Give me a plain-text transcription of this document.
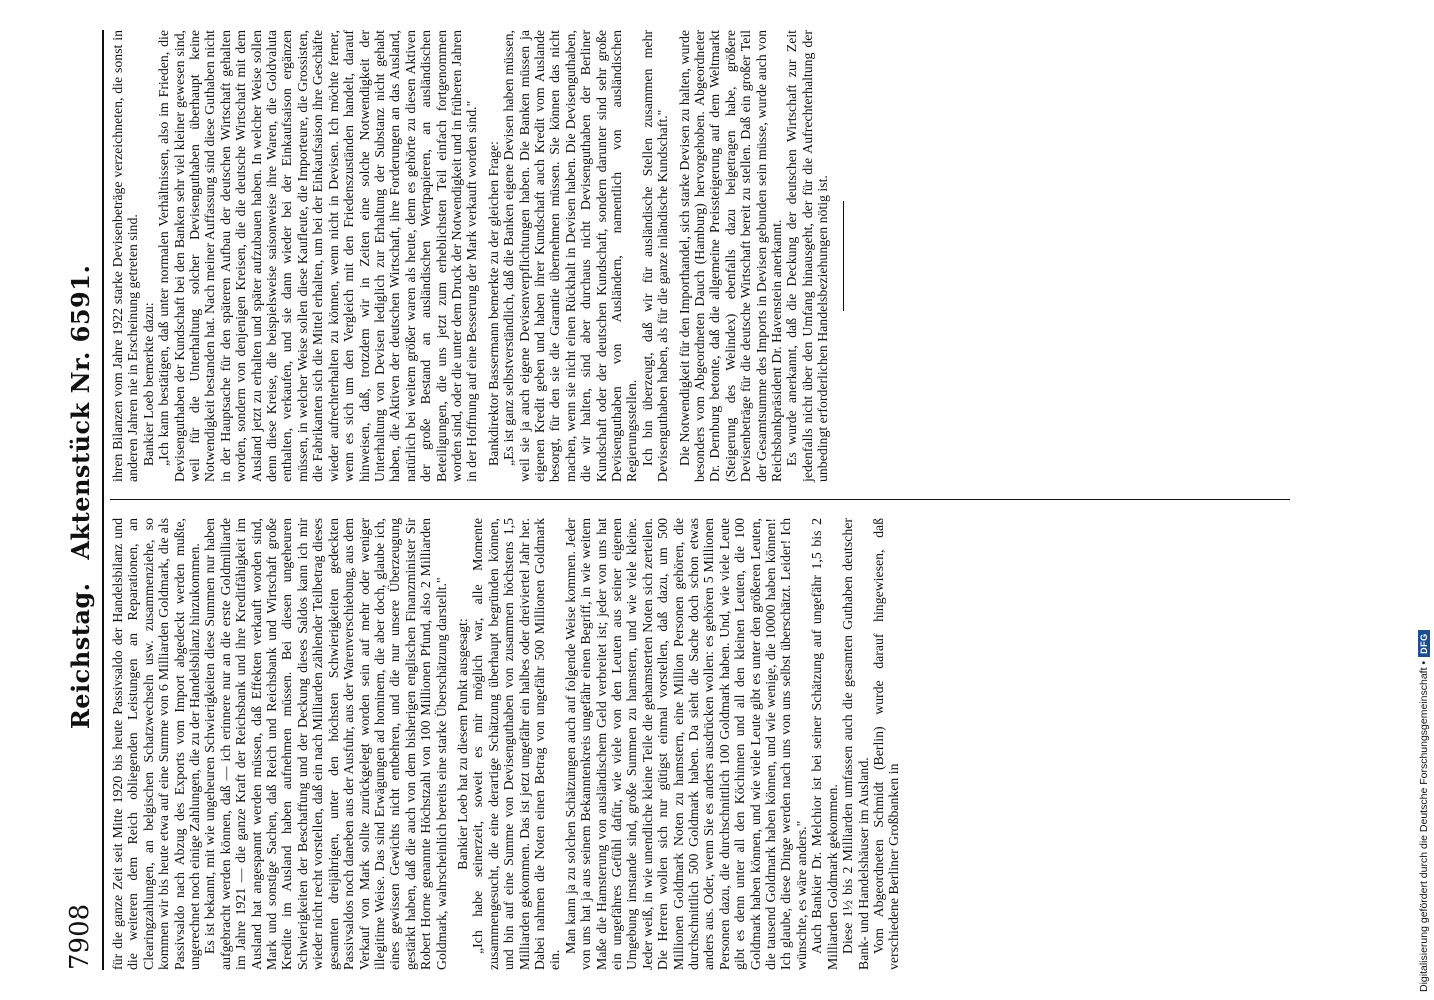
7908
Reichstag. Aktenstück Nr. 6591.

für die ganze Zeit seit Mitte 1920 bis heute Passivsaldo der Handelsbilanz und die weiteren dem Reich obliegenden Leistungen an Reparationen, an Clearingzahlungen, an belgischen Schatzwechseln usw. zusammenziehe, so kommen wir bis heute etwa auf eine Summe von 6 Milliarden Goldmark, die als Passivsaldo nach Abzug des Exports vom Import abgedeckt werden mußte, ungerechnet noch einige Zahlungen, die zu der Handelsbilanz hinzukommen. Es ist bekannt, mit wie ungeheuren Schwierigkeiten diese Summen nur haben aufgebracht werden können, daß — ich erinnere nur an die erste Goldmilliarde im Jahre 1921 — die ganze Kraft der Reichsbank und ihre Kreditfähigkeit im Ausland hat angespannt werden müssen, daß Effekten verkauft worden sind, Mark und sonstige Sachen, daß Reich und Reichsbank und Wirtschaft große Kredite im Ausland haben aufnehmen müssen. Bei diesen ungeheuren Schwierigkeiten der Beschaffung und der Deckung dieses Saldos kann ich mir wieder nicht recht vorstellen, daß ein nach Milliarden zählender Teilbetrag dieses gesamten dreijährigen, unter den höchsten Schwierigkeiten gedeckten Passivsaldos noch daneben aus der Ausfuhr, aus der Warenverschiebung, aus dem Verkauf von Mark sollte zurückgelegt worden sein auf mehr oder weniger illegitime Weise. Das sind Erwägungen ad hominem, die aber doch, glaube ich, eines gewissen Gewichts nicht entbehren, und die nur unsere Überzeugung gestärkt haben, daß die auch von dem bisherigen englischen Finanzminister Sir Robert Horne genannte Höchstzahl von 100 Millionen Pfund, also 2 Milliarden Goldmark, wahrscheinlich bereits eine starke Überschätzung darstellt." Bankier Loeb hat zu diesem Punkt ausgesagt: „Ich habe seinerzeit, soweit es mir möglich war, alle Momente zusammengesucht, die eine derartige Schätzung überhaupt begründen können, und bin auf eine Summe von Devisenguthaben von zusammen höchstens 1,5 Milliarden gekommen. Das ist jetzt ungefähr ein halbes oder dreiviertel Jahr her. Dabei nahmen die Noten einen Betrag von ungefähr 500 Millionen Goldmark ein.

Man kann ja zu solchen Schätzungen auch auf folgende Weise kommen. Jeder von uns hat ja aus seinem Bekanntenkreis ungefähr einen Begriff, in wie weitem Maße die Hamsterung von ausländischem Geld verbreitet ist; jeder von uns hat ein ungefähres Gefühl dafür, wie viele von den Leuten aus seiner eigenen Umgebung imstande sind, große Summen zu hamstern, und wie viele kleine. Jeder weiß, in wie unendliche kleine Teile die gehamsterten Noten sich zerteilen. Die Herren wollen sich nur gütigst einmal vorstellen, daß dazu, um 500 Millionen Goldmark Noten zu hamstern, eine Million Personen gehören, die durchschnittlich 500 Goldmark haben. Da sieht die Sache doch schon etwas anders aus. Oder, wenn Sie es anders ausdrücken wollen: es gehören 5 Millionen Personen dazu, die durchschnittlich 100 Goldmark haben. Und, wie viele Leute gibt es denn unter all den Köchinnen und all den kleinen Leuten, die 100 Goldmark haben können, und wie viele Leute gibt es unter den größeren Leuten, die tausend Goldmark haben können, und wie wenige, die 10000 haben können! Ich glaube, diese Dinge werden nach uns von uns selbst überschätzt. Leider! Ich wünschte, es wäre anders." Auch Bankier Dr. Melchior ist bei seiner Schätzung auf ungefähr 1,5 bis 2 Milliarden Goldmark gekommen. Diese 1½ bis 2 Milliarden umfassen auch die gesamten Guthaben deutscher Bank- und Handelshäuser im Ausland. Vom Abgeordneten Schmidt (Berlin) wurde darauf hingewiesen, daß verschiedene Berliner Großbanken in

ihren Bilanzen vom Jahre 1922 starke Devisenbeträge verzeichneten, die sonst in anderen Jahren nie in Erscheinung getreten sind. Bankier Loeb bemerkte dazu: „Ich kann bestätigen, daß unter normalen Verhältnissen, also im Frieden, die Devisenguthaben der Kundschaft bei den Banken sehr viel kleiner gewesen sind, weil für die Unterhaltung solcher Devisenguthaben überhaupt keine Notwendigkeit bestanden hat. Nach meiner Auffassung sind diese Guthaben nicht in der Hauptsache für den späteren Aufbau der deutschen Wirtschaft gehalten worden, sondern von denjenigen Kreisen, die die deutsche Wirtschaft mit dem Ausland jetzt zu erhalten und später aufzubauen haben. In welcher Weise sollen denn diese Kreise, die beispielsweise saisonweise ihre Waren, die Goldvaluta enthalten, verkaufen, und sie dann wieder bei der Einkaufsaison ergänzen müssen, in welcher Weise sollen diese Kaufleute, die Importeure, die Grossisten, die Fabrikanten sich die Mittel erhalten, um bei der Einkaufsaison ihre Geschäfte wieder aufrechterhalten zu können, wenn nicht in Devisen. Ich möchte ferner, wenn es sich um den Vergleich mit den Friedenszuständen handelt, darauf hinweisen, daß, trotzdem wir in Zeiten eine solche Notwendigkeit der Unterhaltung von Devisen lediglich zur Erhaltung der Substanz nicht gehabt haben, die Aktiven der deutschen Wirtschaft, ihre Forderungen an das Ausland, natürlich bei weitem größer waren als heute, denn es gehörte zu diesen Aktiven der große Bestand an ausländischen Wertpapieren, an ausländischen Beteiligungen, die uns jetzt zum erheblichsten Teil einfach fortgenommen worden sind, oder die unter dem Druck der Notwendigkeit und in früheren Jahren in der Hoffnung auf eine Besserung der Mark verkauft worden sind." Bankdirektor Bassermann bemerkte zu der gleichen Frage: „Es ist ganz selbstverständlich, daß die Banken eigene Devisen haben müssen, weil sie ja auch eigene Devisenverpflichtungen haben. Die Banken müssen ja eigenen Kredit geben und haben ihrer Kundschaft auch Kredit vom Auslande besorgt, für den sie die Garantie übernehmen müssen. Sie können das nicht machen, wenn sie nicht einen Rückhalt in Devisen haben. Die Devisenguthaben, die wir halten, sind aber durchaus nicht Devisenguthaben der Berliner Kundschaft oder der deutschen Kundschaft, sondern darunter sind sehr große Devisenguthaben von Ausländern, namentlich von ausländischen Regierungsstellen. Ich bin überzeugt, daß wir für ausländische Stellen zusammen mehr Devisenguthaben haben, als für die ganze inländische Kundschaft." Die Notwendigkeit für den Importhandel, sich starke Devisen zu halten, wurde besonders vom Abgeordneten Dauch (Hamburg) hervorgehoben. Abgeordneter Dr. Dernburg betonte, daß die allgemeine Preissteigerung auf dem Weltmarkt (Steigerung des Welindex) ebenfalls dazu beigetragen habe, größere Devisenbeträge für die deutsche Wirtschaft bereit zu stellen. Daß ein großer Teil der Gesamtsumme des Imports in Devisen gebunden sein müsse, wurde auch von Reichsbankpräsident Dr. Havenstein anerkannt. Es wurde anerkannt, daß die Deckung der deutschen Wirtschaft zur Zeit jedenfalls nicht über den Umfang hinausgeht, der für die Aufrechterhaltung der unbedingt erforderlichen Handelsbeziehungen nötig ist.

Digitalisierung gefördert durch die Deutsche Forschungsgemeinschaft •
DFG
